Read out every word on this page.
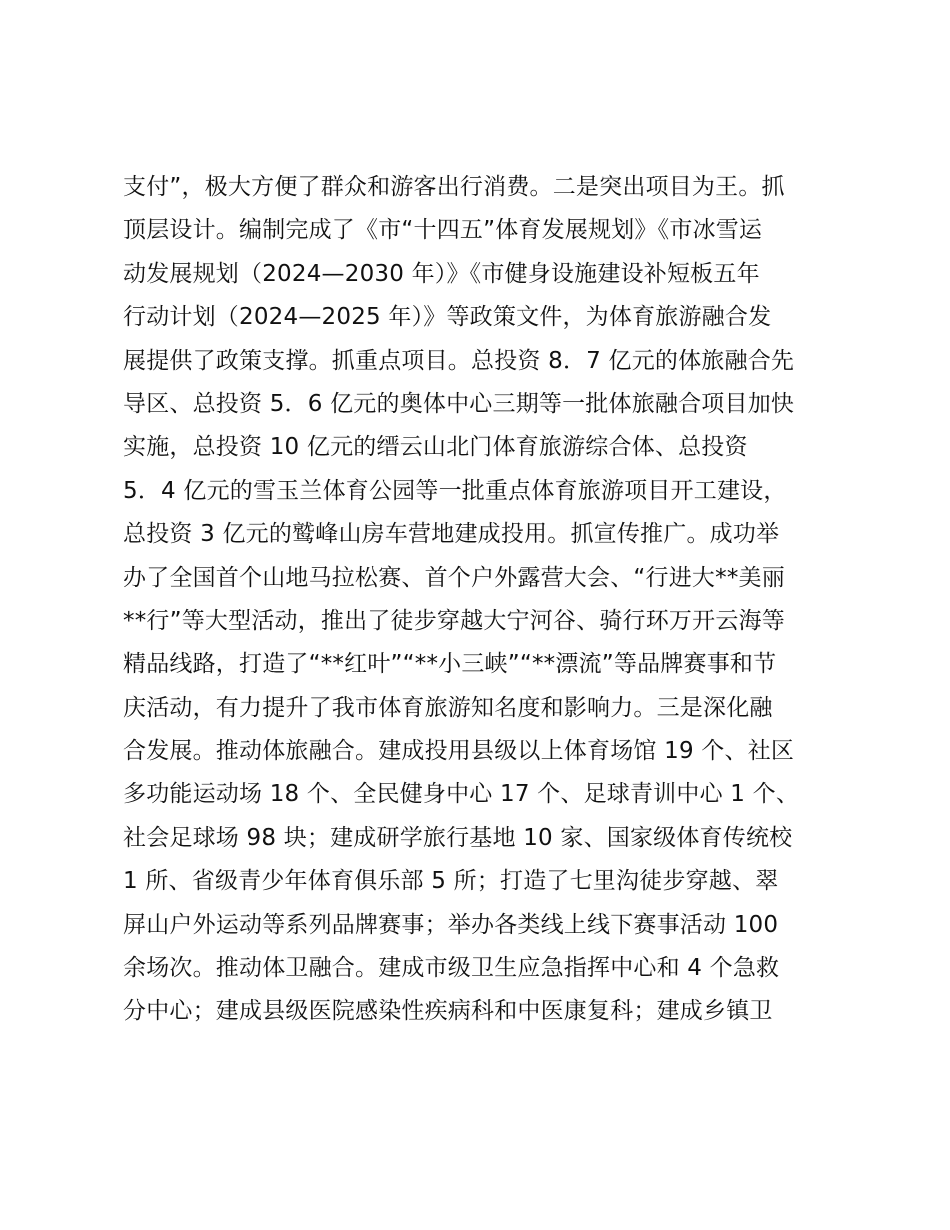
支付”，极大方便了群众和游客出行消费。二是突出项目为王。抓
顶层设计。编制完成了《市“十四五”体育发展规划》《市冰雪运
动发展规划（2024—2030 年）》《市健身设施建设补短板五年
行动计划（2024—2025 年）》等政策文件，为体育旅游融合发
展提供了政策支撑。抓重点项目。总投资 8．7 亿元的体旅融合先
导区、总投资 5．6 亿元的奥体中心三期等一批体旅融合项目加快
实施，总投资 10 亿元的缙云山北门体育旅游综合体、总投资
5．4 亿元的雪玉兰体育公园等一批重点体育旅游项目开工建设，
总投资 3 亿元的鹫峰山房车营地建成投用。抓宣传推广。成功举
办了全国首个山地马拉松赛、首个户外露营大会、“行进大**美丽
**行”等大型活动，推出了徒步穿越大宁河谷、骑行环万开云海等
精品线路，打造了“**红叶”“**小三峡”“**漂流”等品牌赛事和节
庆活动，有力提升了我市体育旅游知名度和影响力。三是深化融
合发展。推动体旅融合。建成投用县级以上体育场馆 19 个、社区
多功能运动场 18 个、全民健身中心 17 个、足球青训中心 1 个、
社会足球场 98 块；建成研学旅行基地 10 家、国家级体育传统校
1 所、省级青少年体育俱乐部 5 所；打造了七里沟徒步穿越、翠
屏山户外运动等系列品牌赛事；举办各类线上线下赛事活动 100
余场次。推动体卫融合。建成市级卫生应急指挥中心和 4 个急救
分中心；建成县级医院感染性疾病科和中医康复科；建成乡镇卫
